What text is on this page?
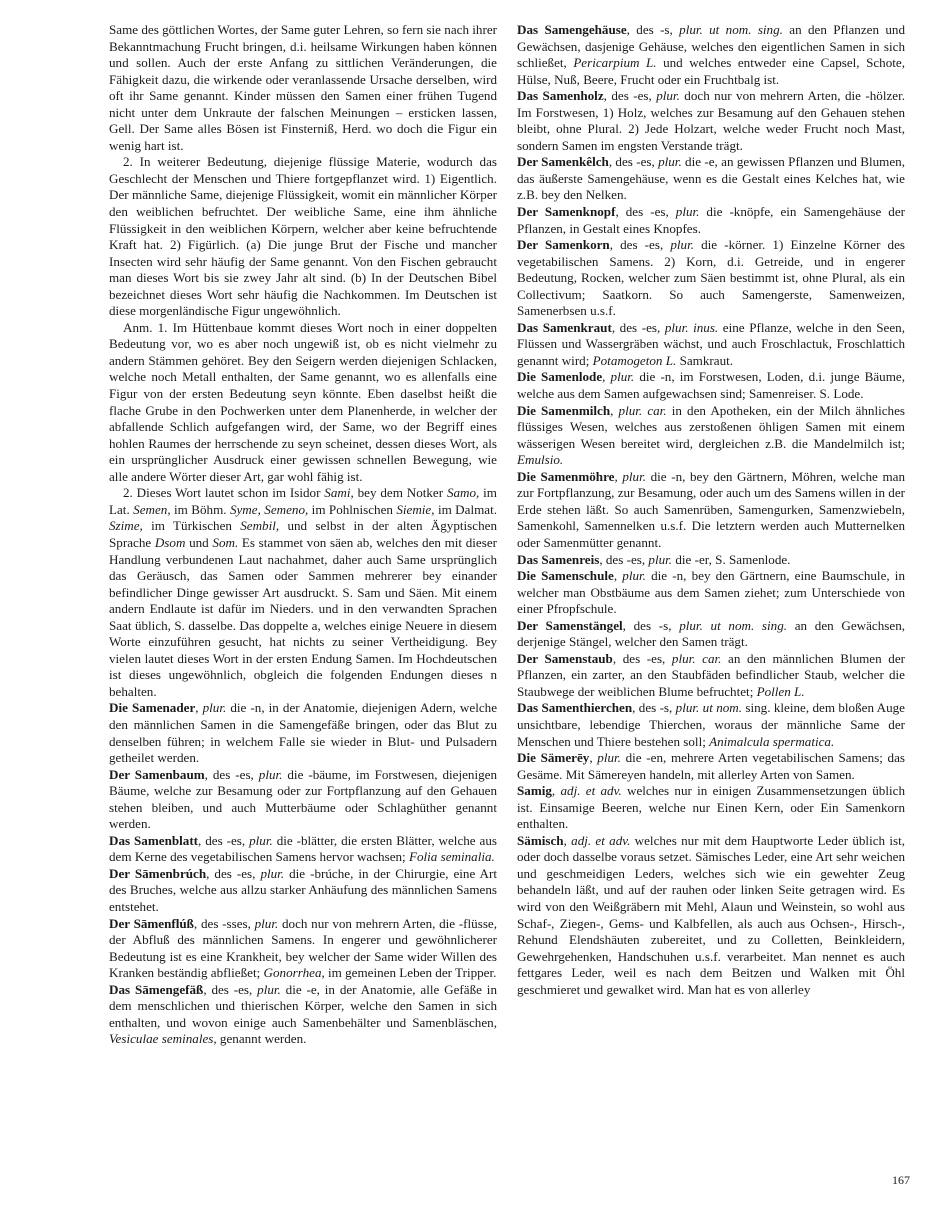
Same des göttlichen Wortes, der Same guter Lehren, so fern sie nach ihrer Bekanntmachung Frucht bringen, d.i. heilsame Wirkungen haben können und sollen. Auch der erste Anfang zu sittlichen Veränderungen, die Fähigkeit dazu, die wirkende oder veranlassende Ursache derselben, wird oft ihr Same genannt. Kinder müssen den Samen einer frühen Tugend nicht unter dem Unkraute der falschen Meinungen – ersticken lassen, Gell. Der Same alles Bösen ist Finsterniß, Herd. wo doch die Figur ein wenig hart ist.

2. In weiterer Bedeutung, diejenige flüssige Materie, wodurch das Geschlecht der Menschen und Thiere fortgepflanzet wird. 1) Eigentlich. Der männliche Same, diejenige Flüssigkeit, womit ein männlicher Körper den weiblichen befruchtet. Der weibliche Same, eine ihm ähnliche Flüssigkeit in den weiblichen Körpern, welcher aber keine befruchtende Kraft hat. 2) Figürlich. (a) Die junge Brut der Fische und mancher Insecten wird sehr häufig der Same genannt. Von den Fischen gebraucht man dieses Wort bis sie zwey Jahr alt sind. (b) In der Deutschen Bibel bezeichnet dieses Wort sehr häufig die Nachkommen. Im Deutschen ist diese morgenländische Figur ungewöhnlich.

Anm. 1. Im Hüttenbaue kommt dieses Wort noch in einer doppelten Bedeutung vor, wo es aber noch ungewiß ist, ob es nicht vielmehr zu andern Stämmen gehöret. Bey den Seigern werden diejenigen Schlacken, welche noch Metall enthalten, der Same genannt, wo es allenfalls eine Figur von der ersten Bedeutung seyn könnte. Eben daselbst heißt die flache Grube in den Pochwerken unter dem Planenherde, in welcher der abfallende Schlich aufgefangen wird, der Same, wo der Begriff eines hohlen Raumes der herrschende zu seyn scheinet, dessen dieses Wort, als ein ursprünglicher Ausdruck einer gewissen schnellen Bewegung, wie alle andere Wörter dieser Art, gar wohl fähig ist.

2. Dieses Wort lautet schon im Isidor Sami, bey dem Notker Samo, im Lat. Semen, im Böhm. Syme, Semeno, im Pohlnischen Siemie, im Dalmat. Szime, im Türkischen Sembil, und selbst in der alten Ägyptischen Sprache Dsom und Som. Es stammet von säen ab, welches den mit dieser Handlung verbundenen Laut nachahmet, daher auch Same ursprünglich das Geräusch, das Samen oder Sammen mehrerer bey einander befindlicher Dinge gewisser Art ausdruckt. S. Sam und Säen. Mit einem andern Endlaute ist dafür im Nieders. und in den verwandten Sprachen Saat üblich, S. dasselbe. Das doppelte a, welches einige Neuere in diesem Worte einzuführen gesucht, hat nichts zu seiner Vertheidigung. Bey vielen lautet dieses Wort in der ersten Endung Samen. Im Hochdeutschen ist dieses ungewöhnlich, obgleich die folgenden Endungen dieses n behalten.

Die Samenader, plur. die -n, in der Anatomie, diejenigen Adern, welche den männlichen Samen in die Samengefäße bringen, oder das Blut zu denselben führen; in welchem Falle sie wieder in Blut- und Pulsadern getheilet werden.

Der Samenbaum, des -es, plur. die -bäume, im Forstwesen, diejenigen Bäume, welche zur Besamung oder zur Fortpflanzung auf den Gehauen stehen bleiben, und auch Mutterbäume oder Schlaghüther genannt werden.

Das Samenblatt, des -es, plur. die -blätter, die ersten Blätter, welche aus dem Kerne des vegetabilischen Samens hervor wachsen; Folia seminalia.

Der Sāmenbrúch, des -es, plur. die -brúche, in der Chirurgie, eine Art des Bruches, welche aus allzu starker Anhäufung des männlichen Samens entstehet.

Der Sāmenflúß, des -sses, plur. doch nur von mehrern Arten, die -flüsse, der Abfluß des männlichen Samens. In engerer und gewöhnlicherer Bedeutung ist es eine Krankheit, bey welcher der Same wider Willen des Kranken beständig abfließet; Gonorrhea, im gemeinen Leben der Tripper.

Das Sāmengefäß, des -es, plur. die -e, in der Anatomie, alle Gefäße in dem menschlichen und thierischen Körper, welche den Samen in sich enthalten, und wovon einige auch Samenbehälter und Samenbläschen, Vesiculae seminales, genannt werden.

Das Samengehäuse, des -s, plur. ut nom. sing. an den Pflanzen und Gewächsen, dasjenige Gehäuse, welches den eigentlichen Samen in sich schließet, Pericarpium L. und welches entweder eine Capsel, Schote, Hülse, Nuß, Beere, Frucht oder ein Fruchtbalg ist.

Das Samenholz, des -es, plur. doch nur von mehrern Arten, die -hölzer. Im Forstwesen, 1) Holz, welches zur Besamung auf den Gehauen stehen bleibt, ohne Plural. 2) Jede Holzart, welche weder Frucht noch Mast, sondern Samen im engsten Verstande trägt.

Der Samenkêlch, des -es, plur. die -e, an gewissen Pflanzen und Blumen, das äußerste Samengehäuse, wenn es die Gestalt eines Kelches hat, wie z.B. bey den Nelken.

Der Samenknopf, des -es, plur. die -knöpfe, ein Samengehäuse der Pflanzen, in Gestalt eines Knopfes.

Der Samenkorn, des -es, plur. die -körner. 1) Einzelne Körner des vegetabilischen Samens. 2) Korn, d.i. Getreide, und in engerer Bedeutung, Rocken, welcher zum Säen bestimmt ist, ohne Plural, als ein Collectivum; Saatkorn. So auch Samengerste, Samenweizen, Samenerbsen u.s.f.

Das Samenkraut, des -es, plur. inus. eine Pflanze, welche in den Seen, Flüssen und Wassergräben wächst, und auch Froschlactuk, Froschlattich genannt wird; Potamogeton L. Samkraut.

Die Samenlode, plur. die -n, im Forstwesen, Loden, d.i. junge Bäume, welche aus dem Samen aufgewachsen sind; Samenreiser. S. Lode.

Die Samenmilch, plur. car. in den Apotheken, ein der Milch ähnliches flüssiges Wesen, welches aus zerstoßenen öhligen Samen mit einem wässerigen Wesen bereitet wird, dergleichen z.B. die Mandelmilch ist; Emulsio.

Die Samenmöhre, plur. die -n, bey den Gärtnern, Möhren, welche man zur Fortpflanzung, zur Besamung, oder auch um des Samens willen in der Erde stehen läßt. So auch Samenrüben, Samengurken, Samenzwiebeln, Samenkohl, Samennelken u.s.f. Die letztern werden auch Mutternelken oder Samenmütter genannt.

Das Samenreis, des -es, plur. die -er, S. Samenlode.

Die Samenschule, plur. die -n, bey den Gärtnern, eine Baumschule, in welcher man Obstbäume aus dem Samen ziehet; zum Unterschiede von einer Pfropfschule.

Der Samenstängel, des -s, plur. ut nom. sing. an den Gewächsen, derjenige Stängel, welcher den Samen trägt.

Der Samenstaub, des -es, plur. car. an den männlichen Blumen der Pflanzen, ein zarter, an den Staubfäden befindlicher Staub, welcher die Staubwege der weiblichen Blume befruchtet; Pollen L.

Das Samenthierchen, des -s, plur. ut nom. sing. kleine, dem bloßen Auge unsichtbare, lebendige Thierchen, woraus der männliche Same der Menschen und Thiere bestehen soll; Animalcula spermatica.

Die Sämerēy, plur. die -en, mehrere Arten vegetabilischen Samens; das Gesäme. Mit Sämereyen handeln, mit allerley Arten von Samen.

Samig, adj. et adv. welches nur in einigen Zusammensetzungen üblich ist. Einsamige Beeren, welche nur Einen Kern, oder Ein Samenkorn enthalten.

Sämisch, adj. et adv. welches nur mit dem Hauptworte Leder üblich ist, oder doch dasselbe voraus setzet. Sämisches Leder, eine Art sehr weichen und geschmeidigen Leders, welches sich wie ein gewehter Zeug behandeln läßt, und auf der rauhen oder linken Seite getragen wird. Es wird von den Weißgräbern mit Mehl, Alaun und Weinstein, so wohl aus Schaf-, Ziegen-, Gems- und Kalbfellen, als auch aus Ochsen-, Hirsch-, Rehund Elendshäuten zubereitet, und zu Colletten, Beinkleidern, Gewehrgehenken, Handschuhen u.s.f. verarbeitet. Man nennet es auch fettgares Leder, weil es nach dem Beitzen und Walken mit Öhl geschmieret und gewalket wird. Man hat es von allerley

167
